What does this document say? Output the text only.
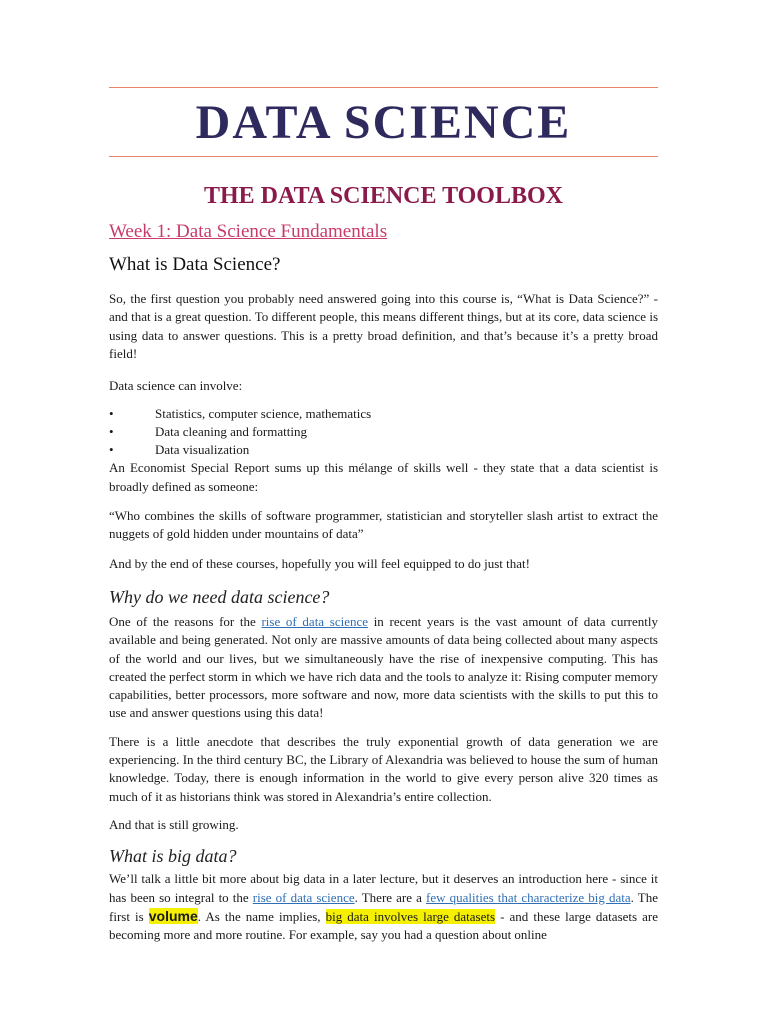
DATA SCIENCE
THE DATA SCIENCE TOOLBOX
Week 1: Data Science Fundamentals
What is Data Science?

So, the first question you probably need answered going into this course is, “What is Data Science?” - and that is a great question. To different people, this means different things, but at its core, data science is using data to answer questions. This is a pretty broad definition, and that’s because it’s a pretty broad field!

Data science can involve:

•	Statistics, computer science, mathematics
•	Data cleaning and formatting
•	Data visualization

An Economist Special Report sums up this mélange of skills well - they state that a data scientist is broadly defined as someone:

“Who combines the skills of software programmer, statistician and storyteller slash artist to extract the nuggets of gold hidden under mountains of data”

And by the end of these courses, hopefully you will feel equipped to do just that!

Why do we need data science?

One of the reasons for the rise of data science in recent years is the vast amount of data currently available and being generated. Not only are massive amounts of data being collected about many aspects of the world and our lives, but we simultaneously have the rise of inexpensive computing. This has created the perfect storm in which we have rich data and the tools to analyze it: Rising computer memory capabilities, better processors, more software and now, more data scientists with the skills to put this to use and answer questions using this data!

There is a little anecdote that describes the truly exponential growth of data generation we are experiencing. In the third century BC, the Library of Alexandria was believed to house the sum of human knowledge. Today, there is enough information in the world to give every person alive 320 times as much of it as historians think was stored in Alexandria’s entire collection.

And that is still growing.

What is big data?

We’ll talk a little bit more about big data in a later lecture, but it deserves an introduction here - since it has been so integral to the rise of data science. There are a few qualities that characterize big data. The first is volume. As the name implies, big data involves large datasets - and these large datasets are becoming more and more routine. For example, say you had a question about online
